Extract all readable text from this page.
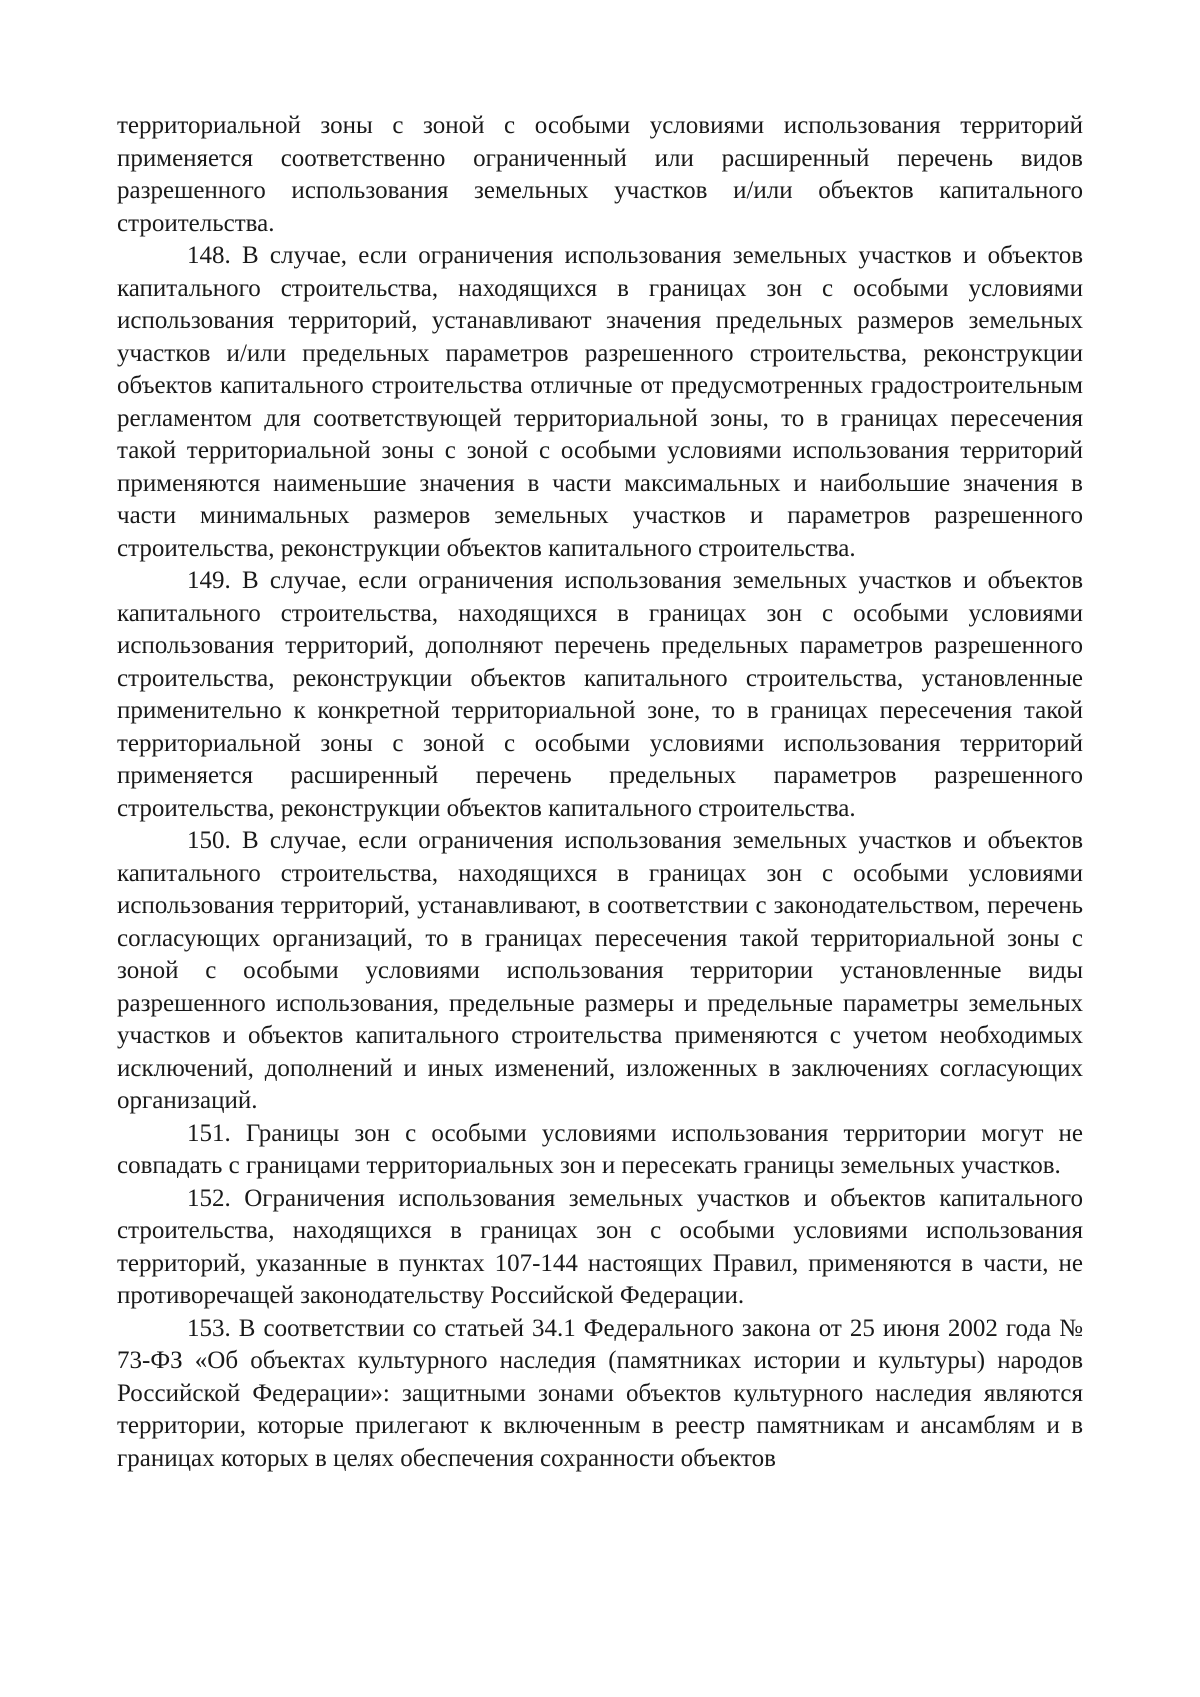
территориальной зоны с зоной с особыми условиями использования территорий применяется соответственно ограниченный или расширенный перечень видов разрешенного использования земельных участков и/или объектов капитального строительства.

148. В случае, если ограничения использования земельных участков и объектов капитального строительства, находящихся в границах зон с особыми условиями использования территорий, устанавливают значения предельных размеров земельных участков и/или предельных параметров разрешенного строительства, реконструкции объектов капитального строительства отличные от предусмотренных градостроительным регламентом для соответствующей территориальной зоны, то в границах пересечения такой территориальной зоны с зоной с особыми условиями использования территорий применяются наименьшие значения в части максимальных и наибольшие значения в части минимальных размеров земельных участков и параметров разрешенного строительства, реконструкции объектов капитального строительства.

149. В случае, если ограничения использования земельных участков и объектов капитального строительства, находящихся в границах зон с особыми условиями использования территорий, дополняют перечень предельных параметров разрешенного строительства, реконструкции объектов капитального строительства, установленные применительно к конкретной территориальной зоне, то в границах пересечения такой территориальной зоны с зоной с особыми условиями использования территорий применяется расширенный перечень предельных параметров разрешенного строительства, реконструкции объектов капитального строительства.

150. В случае, если ограничения использования земельных участков и объектов капитального строительства, находящихся в границах зон с особыми условиями использования территорий, устанавливают, в соответствии с законодательством, перечень согласующих организаций, то в границах пересечения такой территориальной зоны с зоной с особыми условиями использования территории установленные виды разрешенного использования, предельные размеры и предельные параметры земельных участков и объектов капитального строительства применяются с учетом необходимых исключений, дополнений и иных изменений, изложенных в заключениях согласующих организаций.

151. Границы зон с особыми условиями использования территории могут не совпадать с границами территориальных зон и пересекать границы земельных участков.

152. Ограничения использования земельных участков и объектов капитального строительства, находящихся в границах зон с особыми условиями использования территорий, указанные в пунктах 107-144 настоящих Правил, применяются в части, не противоречащей законодательству Российской Федерации.

153. В соответствии со статьей 34.1 Федерального закона от 25 июня 2002 года № 73-ФЗ «Об объектах культурного наследия (памятниках истории и культуры) народов Российской Федерации»: защитными зонами объектов культурного наследия являются территории, которые прилегают к включенным в реестр памятникам и ансамблям и в границах которых в целях обеспечения сохранности объектов
